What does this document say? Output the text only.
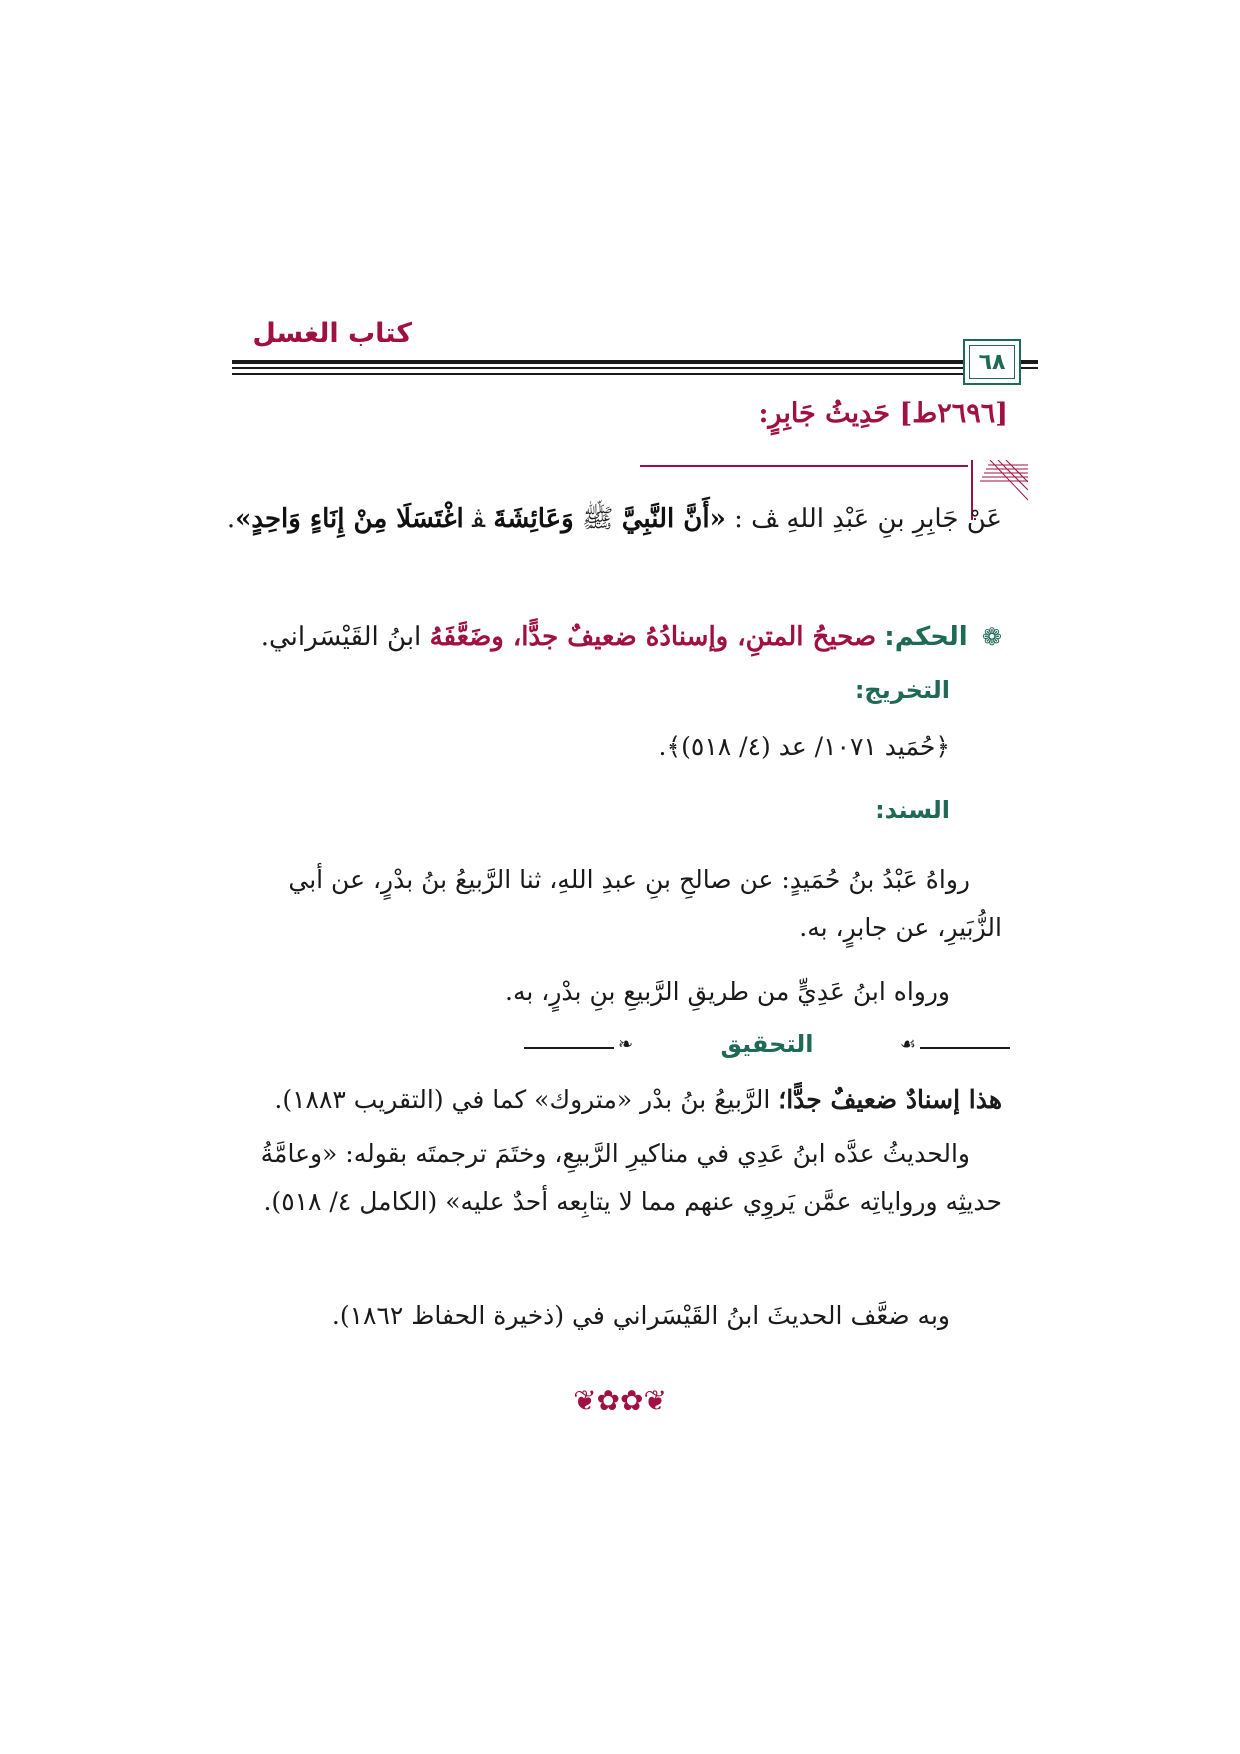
كتاب الغسل
٦٨
[٢٦٩٦ط] حَدِيثُ جَابِرٍ:
عَنْ جَابِرِ بنِ عَبْدِ اللهِ ﭫ : «أَنَّ النَّبِيَّ ﷺ وَعَائِشَةَ ﭭ اغْتَسَلَا مِنْ إِنَاءٍ وَاحِدٍ».
❁ الحكم: صحيحُ المتنِ، وإسنادُهُ ضعيفٌ جدًّا، وضَعَّفَهُ ابنُ القَيْسَراني.
التخريج:
﴿حُمَيد ١٠٧١/ عد (٤/ ٥١٨)﴾.
السند:
رواهُ عَبْدُ بنُ حُمَيدٍ: عن صالحِ بنِ عبدِ اللهِ، ثنا الرَّبيعُ بنُ بدْرٍ، عن أبي الزُّبَيرِ، عن جابرٍ، به.
ورواه ابنُ عَدِيٍّ من طريقِ الرَّبيعِ بنِ بدْرٍ، به.
❧	☙
التحقيق
هذا إسنادٌ ضعيفٌ جدًّا؛ الرَّبيعُ بنُ بدْر «متروك» كما في (التقريب ١٨٨٣).
والحديثُ عدَّه ابنُ عَدِي في مناكيرِ الرَّبيعِ، وختَمَ ترجمتَه بقوله: «وعامَّةُ حديثِه ورواياتِه عمَّن يَروِي عنهم مما لا يتابِعه أحدٌ عليه» (الكامل ٤/ ٥١٨).
وبه ضعَّف الحديثَ ابنُ القَيْسَراني في (ذخيرة الحفاظ ١٨٦٢).
❦✿✿❦
